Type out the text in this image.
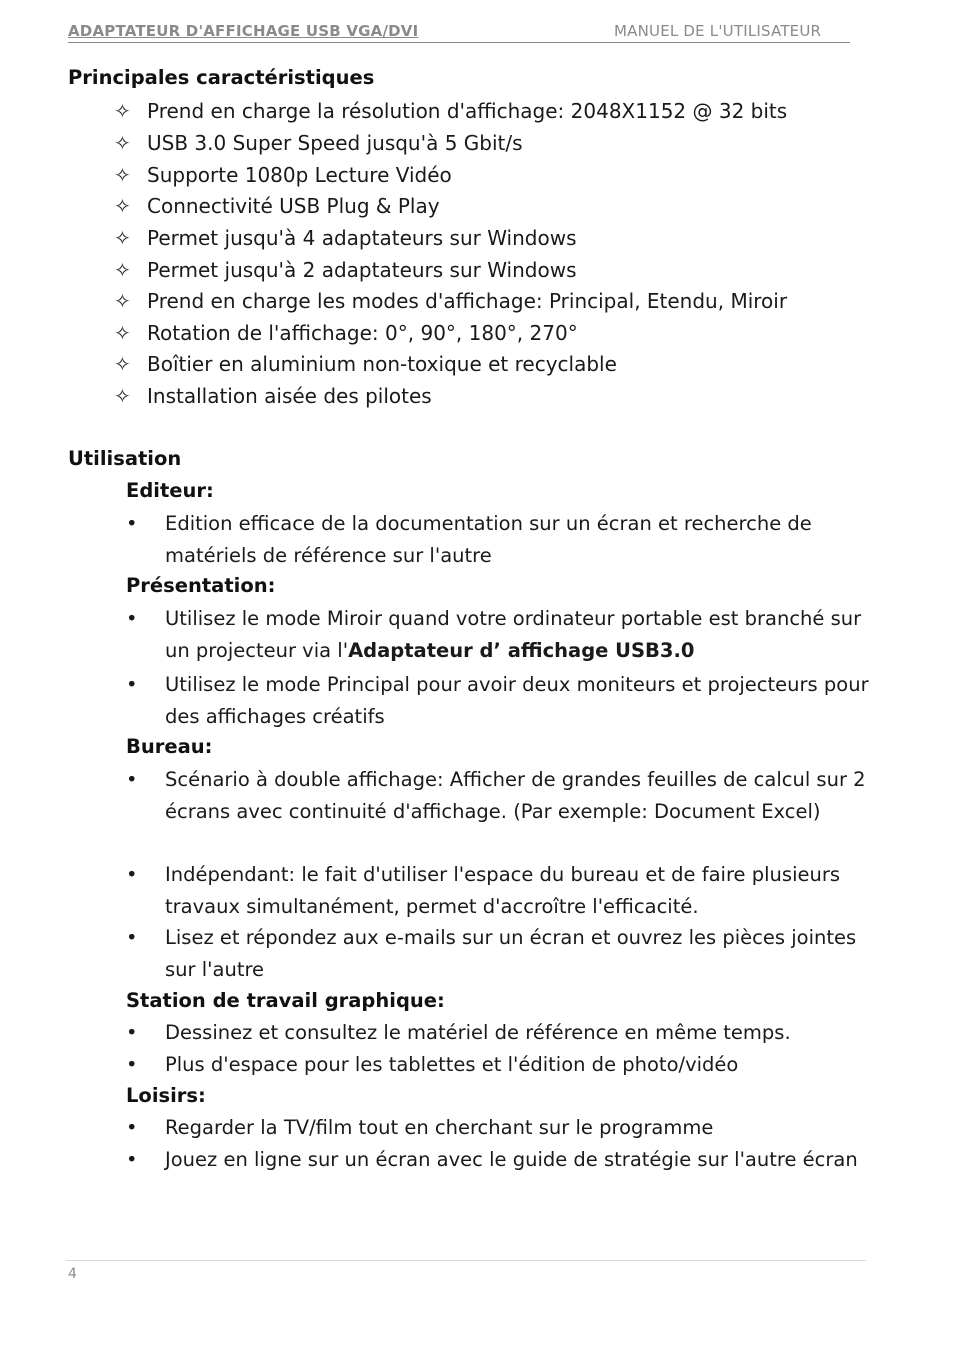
ADAPTATEUR D'AFFICHAGE USB VGA/DVI	MANUEL DE L'UTILISATEUR
Principales caractéristiques
✧ Prend en charge la résolution d'affichage: 2048X1152 @ 32 bits
✧ USB 3.0 Super Speed jusqu'à 5 Gbit/s
✧ Supporte 1080p Lecture Vidéo
✧ Connectivité USB Plug & Play
✧ Permet jusqu'à 4 adaptateurs sur Windows
✧ Permet jusqu'à 2 adaptateurs sur Windows
✧ Prend en charge les modes d'affichage: Principal, Etendu, Miroir
✧ Rotation de l'affichage: 0°, 90°, 180°, 270°
✧ Boîtier en aluminium non-toxique et recyclable
✧ Installation aisée des pilotes
Utilisation
Editeur:
• Edition efficace de la documentation sur un écran et recherche de matériels de référence sur l'autre
Présentation:
• Utilisez le mode Miroir quand votre ordinateur portable est branché sur un projecteur via l'Adaptateur d’ affichage USB3.0
• Utilisez le mode Principal pour avoir deux moniteurs et projecteurs pour des affichages créatifs
Bureau:
• Scénario à double affichage: Afficher de grandes feuilles de calcul sur 2 écrans avec continuité d'affichage. (Par exemple: Document Excel)
• Indépendant: le fait d'utiliser l'espace du bureau et de faire plusieurs travaux simultanément, permet d'accroître l'efficacité.
• Lisez et répondez aux e-mails sur un écran et ouvrez les pièces jointes sur l'autre
Station de travail graphique:
• Dessinez et consultez le matériel de référence en même temps.
• Plus d'espace pour les tablettes et l'édition de photo/vidéo
Loisirs:
• Regarder la TV/film tout en cherchant sur le programme
• Jouez en ligne sur un écran avec le guide de stratégie sur l'autre écran
4
